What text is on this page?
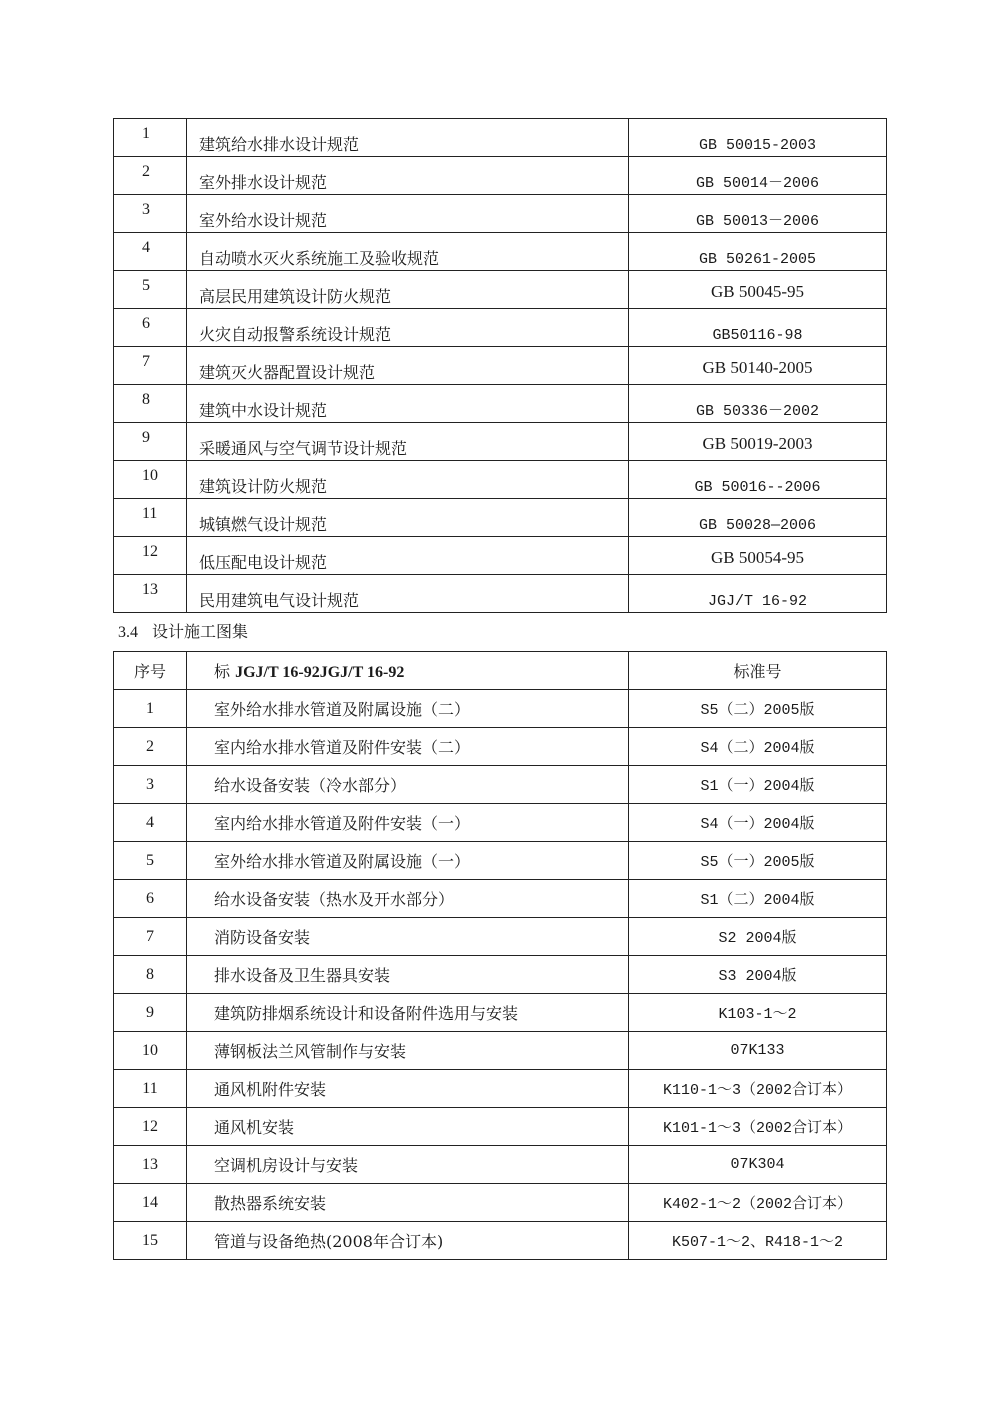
1	建筑给水排水设计规范	GB 50015-2003
2	室外排水设计规范	GB 50014－2006
3	室外给水设计规范	GB 50013－2006
4	自动喷水灭火系统施工及验收规范	GB 50261-2005
5	高层民用建筑设计防火规范	GB 50045-95
6	火灾自动报警系统设计规范	GB50116-98
7	建筑灭火器配置设计规范	GB 50140-2005
8	建筑中水设计规范	GB 50336－2002
9	采暖通风与空气调节设计规范	GB 50019-2003
10	建筑设计防火规范	GB 50016--2006
11	城镇燃气设计规范	GB 50028—2006
12	低压配电设计规范	GB 50054-95
13	民用建筑电气设计规范	JGJ/T 16-92
3.4 设计施工图集
序号	标 JGJ/T 16-92JGJ/T 16-92	标准号
1	室外给水排水管道及附属设施（二）	S5（二）2005版
2	室内给水排水管道及附件安装（二）	S4（二）2004版
3	给水设备安装（冷水部分）	S1（一）2004版
4	室内给水排水管道及附件安装（一）	S4（一）2004版
5	室外给水排水管道及附属设施（一）	S5（一）2005版
6	给水设备安装（热水及开水部分）	S1（二）2004版
7	消防设备安装	S2 2004版
8	排水设备及卫生器具安装	S3 2004版
9	建筑防排烟系统设计和设备附件选用与安装	K103-1～2
10	薄钢板法兰风管制作与安装	07K133
11	通风机附件安装	K110-1～3（2002合订本）
12	通风机安装	K101-1～3（2002合订本）
13	空调机房设计与安装	07K304
14	散热器系统安装	K402-1～2（2002合订本）
15	管道与设备绝热(2008年合订本)	K507-1～2、R418-1～2
